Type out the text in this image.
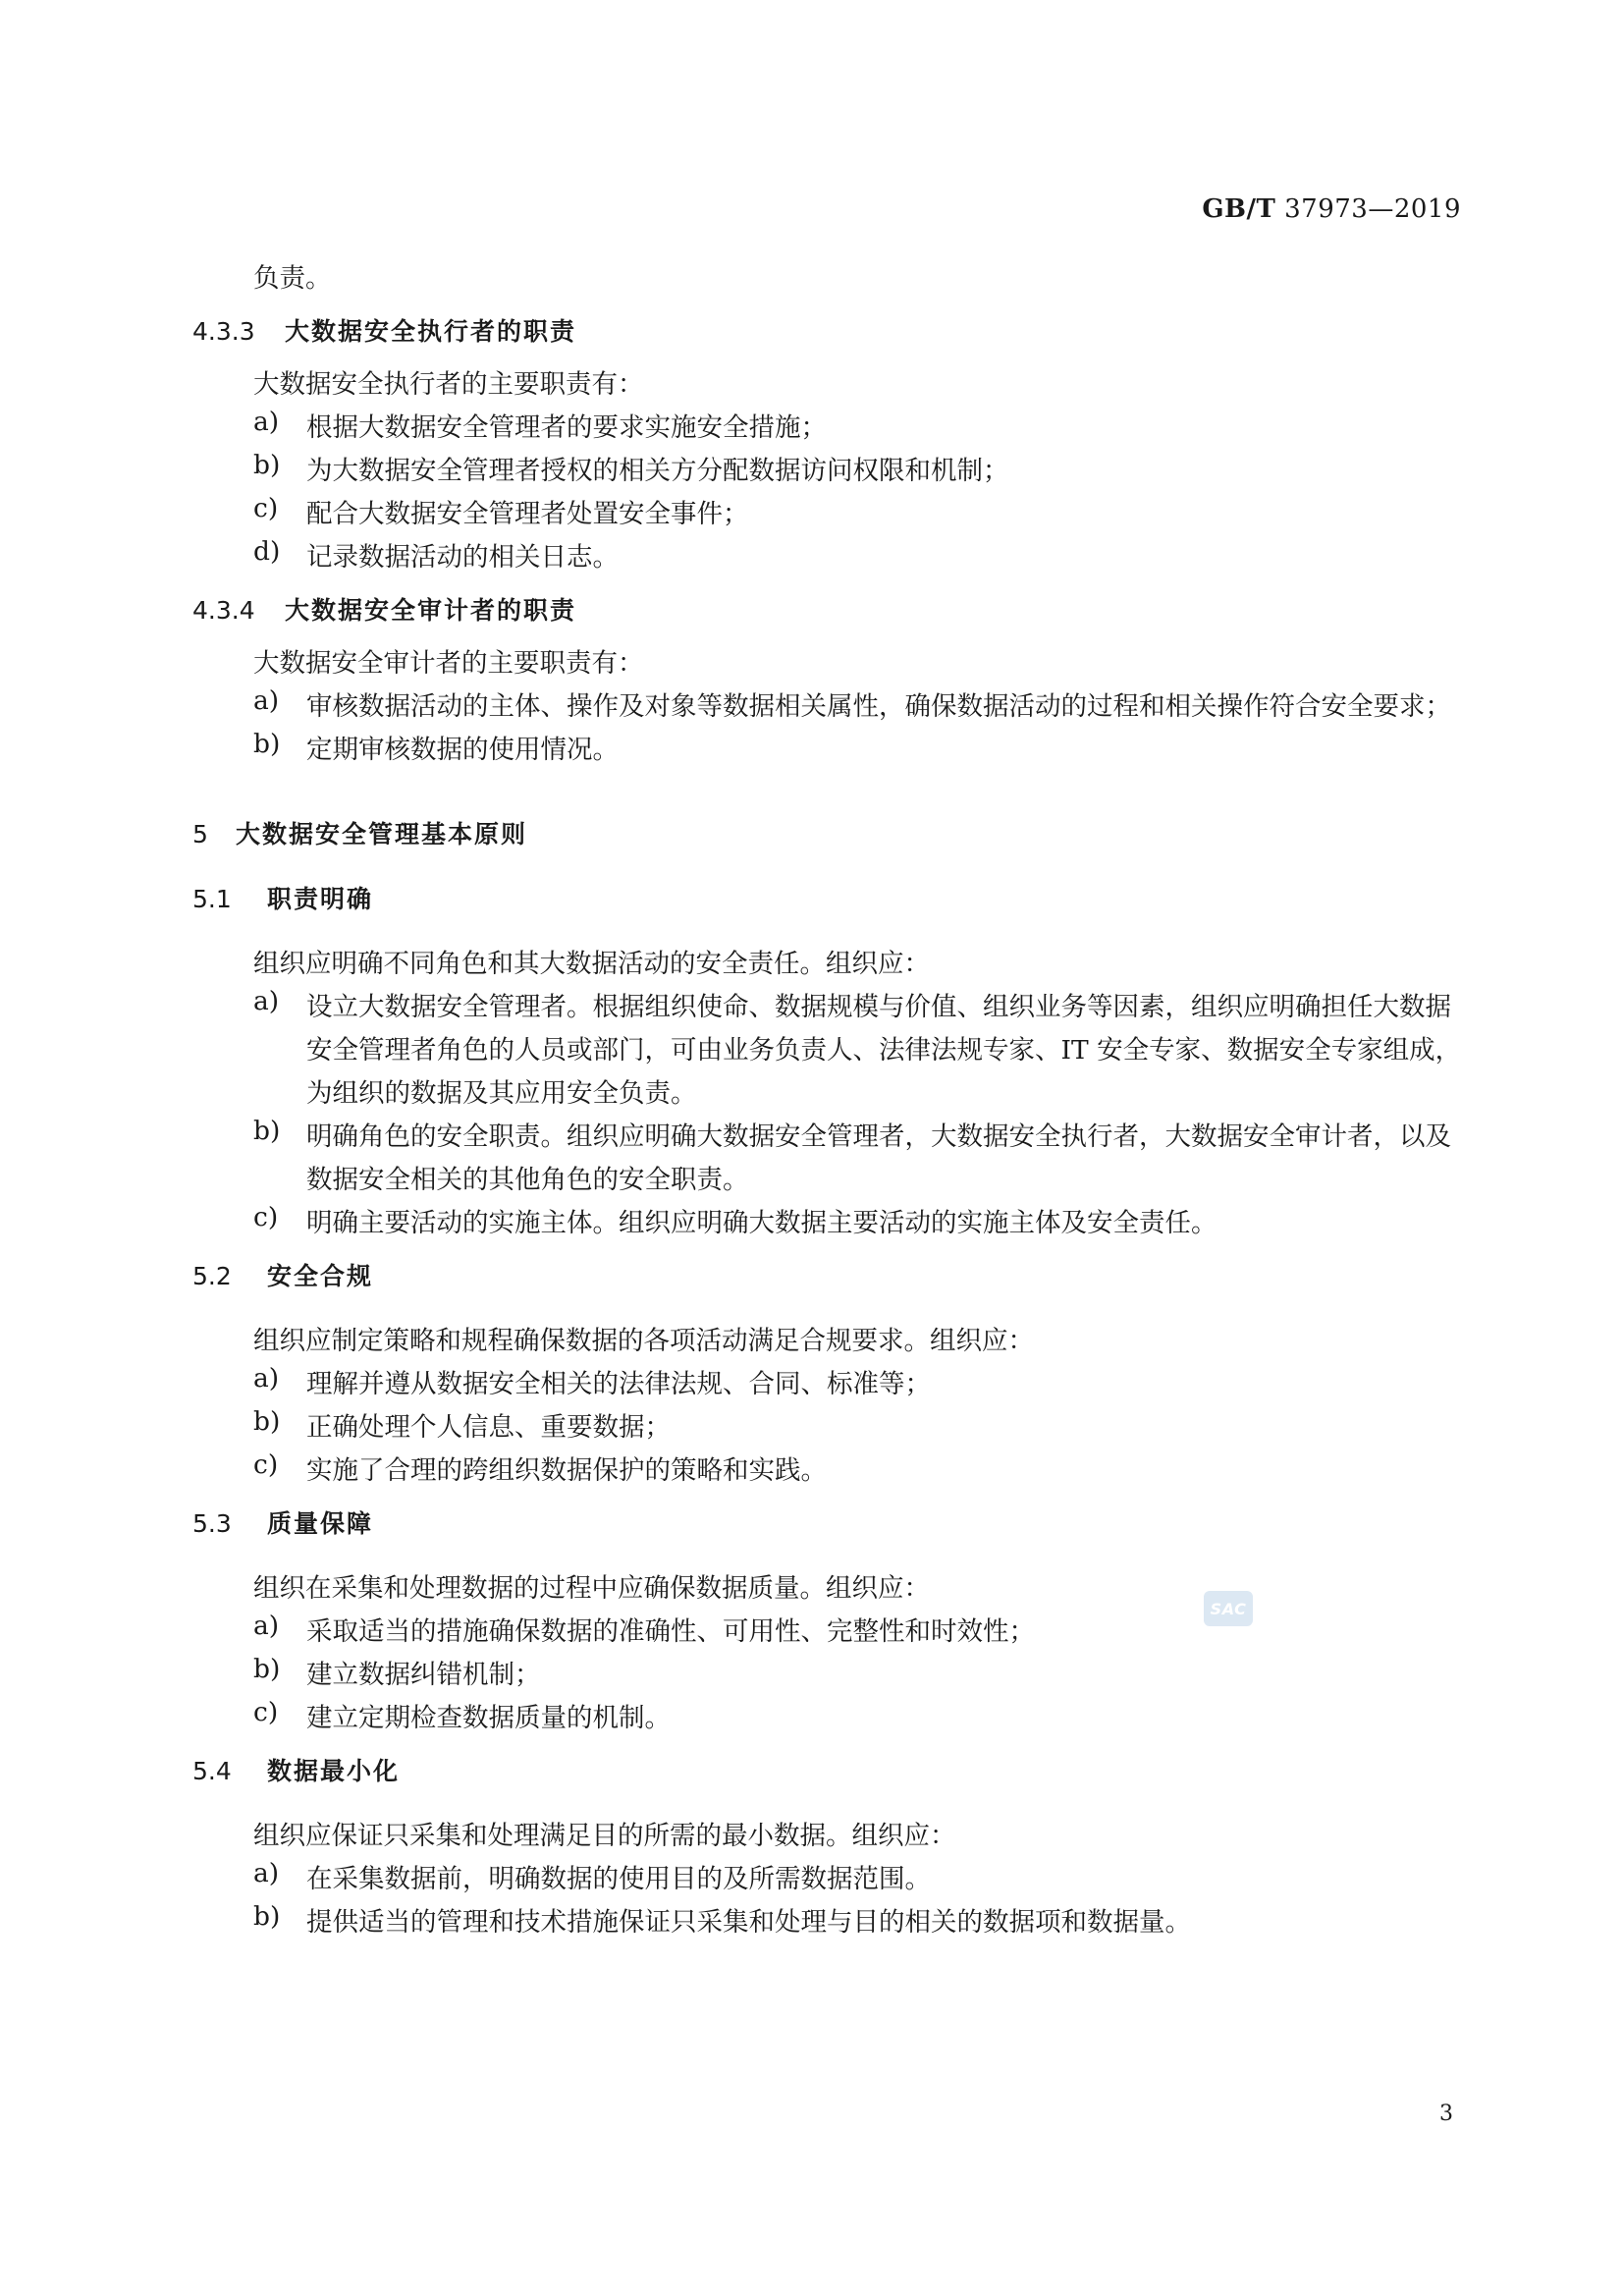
GB/T 37973—2019
负责。
4.3.3 大数据安全执行者的职责
大数据安全执行者的主要职责有：
a)	根据大数据安全管理者的要求实施安全措施；
b)	为大数据安全管理者授权的相关方分配数据访问权限和机制；
c)	配合大数据安全管理者处置安全事件；
d)	记录数据活动的相关日志。
4.3.4 大数据安全审计者的职责
大数据安全审计者的主要职责有：
a)	审核数据活动的主体、操作及对象等数据相关属性，确保数据活动的过程和相关操作符合安全要求；
b)	定期审核数据的使用情况。
5 大数据安全管理基本原则
5.1 职责明确
组织应明确不同角色和其大数据活动的安全责任。组织应：
a)	设立大数据安全管理者。根据组织使命、数据规模与价值、组织业务等因素，组织应明确担任大数据安全管理者角色的人员或部门，可由业务负责人、法律法规专家、IT 安全专家、数据安全专家组成，为组织的数据及其应用安全负责。
b)	明确角色的安全职责。组织应明确大数据安全管理者，大数据安全执行者，大数据安全审计者，以及数据安全相关的其他角色的安全职责。
c)	明确主要活动的实施主体。组织应明确大数据主要活动的实施主体及安全责任。
5.2 安全合规
组织应制定策略和规程确保数据的各项活动满足合规要求。组织应：
a)	理解并遵从数据安全相关的法律法规、合同、标准等；
b)	正确处理个人信息、重要数据；
c)	实施了合理的跨组织数据保护的策略和实践。
5.3 质量保障
组织在采集和处理数据的过程中应确保数据质量。组织应：
a)	采取适当的措施确保数据的准确性、可用性、完整性和时效性；
b)	建立数据纠错机制；
c)	建立定期检查数据质量的机制。
5.4 数据最小化
组织应保证只采集和处理满足目的所需的最小数据。组织应：
a)	在采集数据前，明确数据的使用目的及所需数据范围。
b)	提供适当的管理和技术措施保证只采集和处理与目的相关的数据项和数据量。
SAC
3
